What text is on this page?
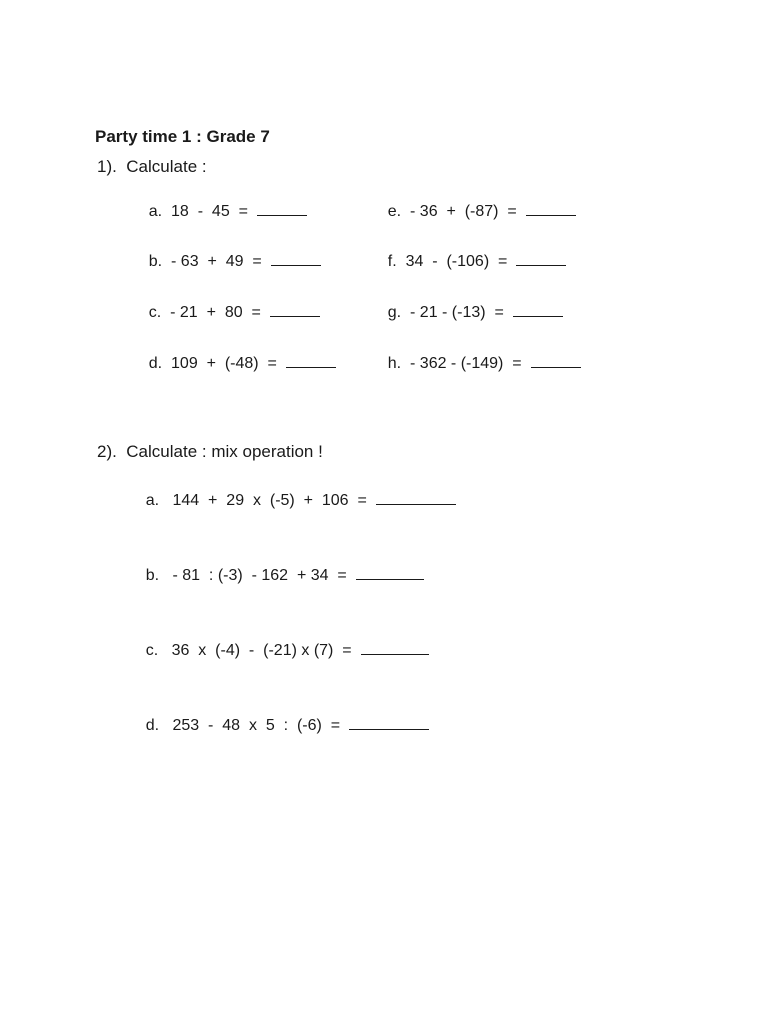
Party time 1 : Grade 7
1).  Calculate :

a. 18  -  45  =

b. - 63  +  49  =

c. - 21  +  80  =

d. 109  +  (-48)  =

e. - 36  +  (-87)  =

f. 34  -  (-106)  =

g. - 21 - (-13)  =

h. - 362 - (-149)  =

2).  Calculate : mix operation !

a. 144  +  29  x  (-5)  +  106  =

b. - 81  : (-3)  - 162  + 34  =

c. 36  x  (-4)  -  (-21) x (7)  =

d. 253  -  48  x  5  :  (-6)  =
